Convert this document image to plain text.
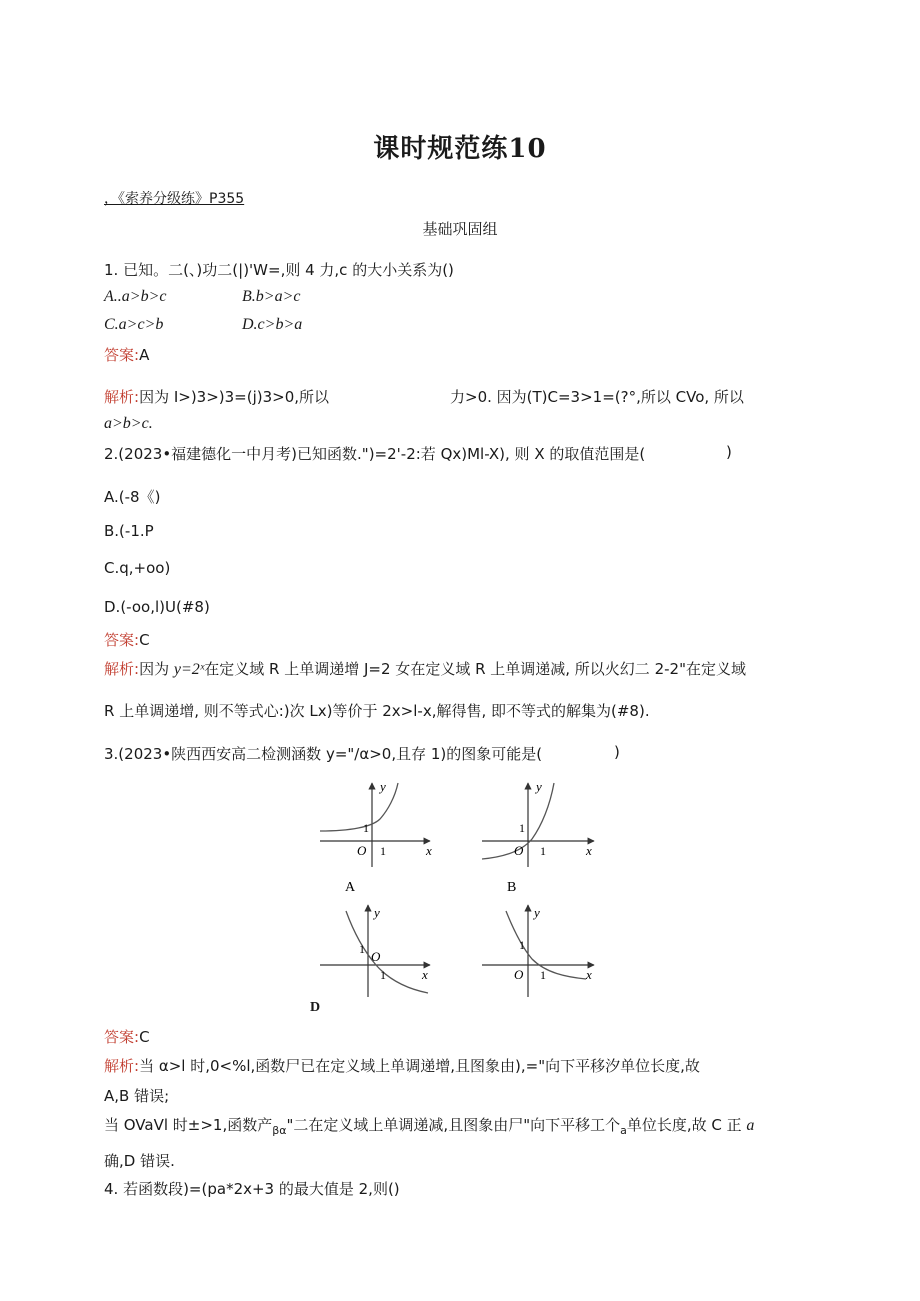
课时规范练10
，《索养分级练》P355
基础巩固组
1. 已知。二(、)功二(|)'W=,则 4 力,c 的大小关系为()
A..a>b>c	B.b>a>c
C.a>c>b	D.c>b>a
答案:A
解析:因为 I>)3>)3=(j)3>0,所以	力>0. 因为(T)C=3>1=(?°,所以 CVo, 所以
a>b>c.
2.(2023•福建德化一中月考)已知函数.")=2'-2:若 Qx)Ml-X), 则 X 的取值范围是(	)
A.(-8《)
B.(-1.P
C.q,+oo)
D.(-oo,l)U(#8)
答案:C
解析:因为 y=2ˣ在定义域 R 上单调递增 J=2 女在定义域 R 上单调递减, 所以火幻二 2-2"在定义域
R 上单调递增, 则不等式心:)次 Lx)等价于 2x>l-x,解得售, 即不等式的解集为(#8).
3.(2023•陕西西安高二检测涵数 y="∕α>0,且存 1)的图象可能是(	)
y
x
O
1
1
A
y
x
O
1
1
y
x
O
1
1
y
x
O
1
1
B
D
答案:C
解析:当 α>l 时,0<%l,函数尸已在定义域上单调递增,且图象由),="向下平移汐单位长度,故
A,B 错误;
当 OVaVl 时±>1,函数产$_{\beta\alpha}$"二在定义域上单调递减,且图象由尸"向下平移工个$_a$单位长度,故 C 正 a
确,D 错误.
4. 若函数段)=(pa*2x+3 的最大值是 2,则()
